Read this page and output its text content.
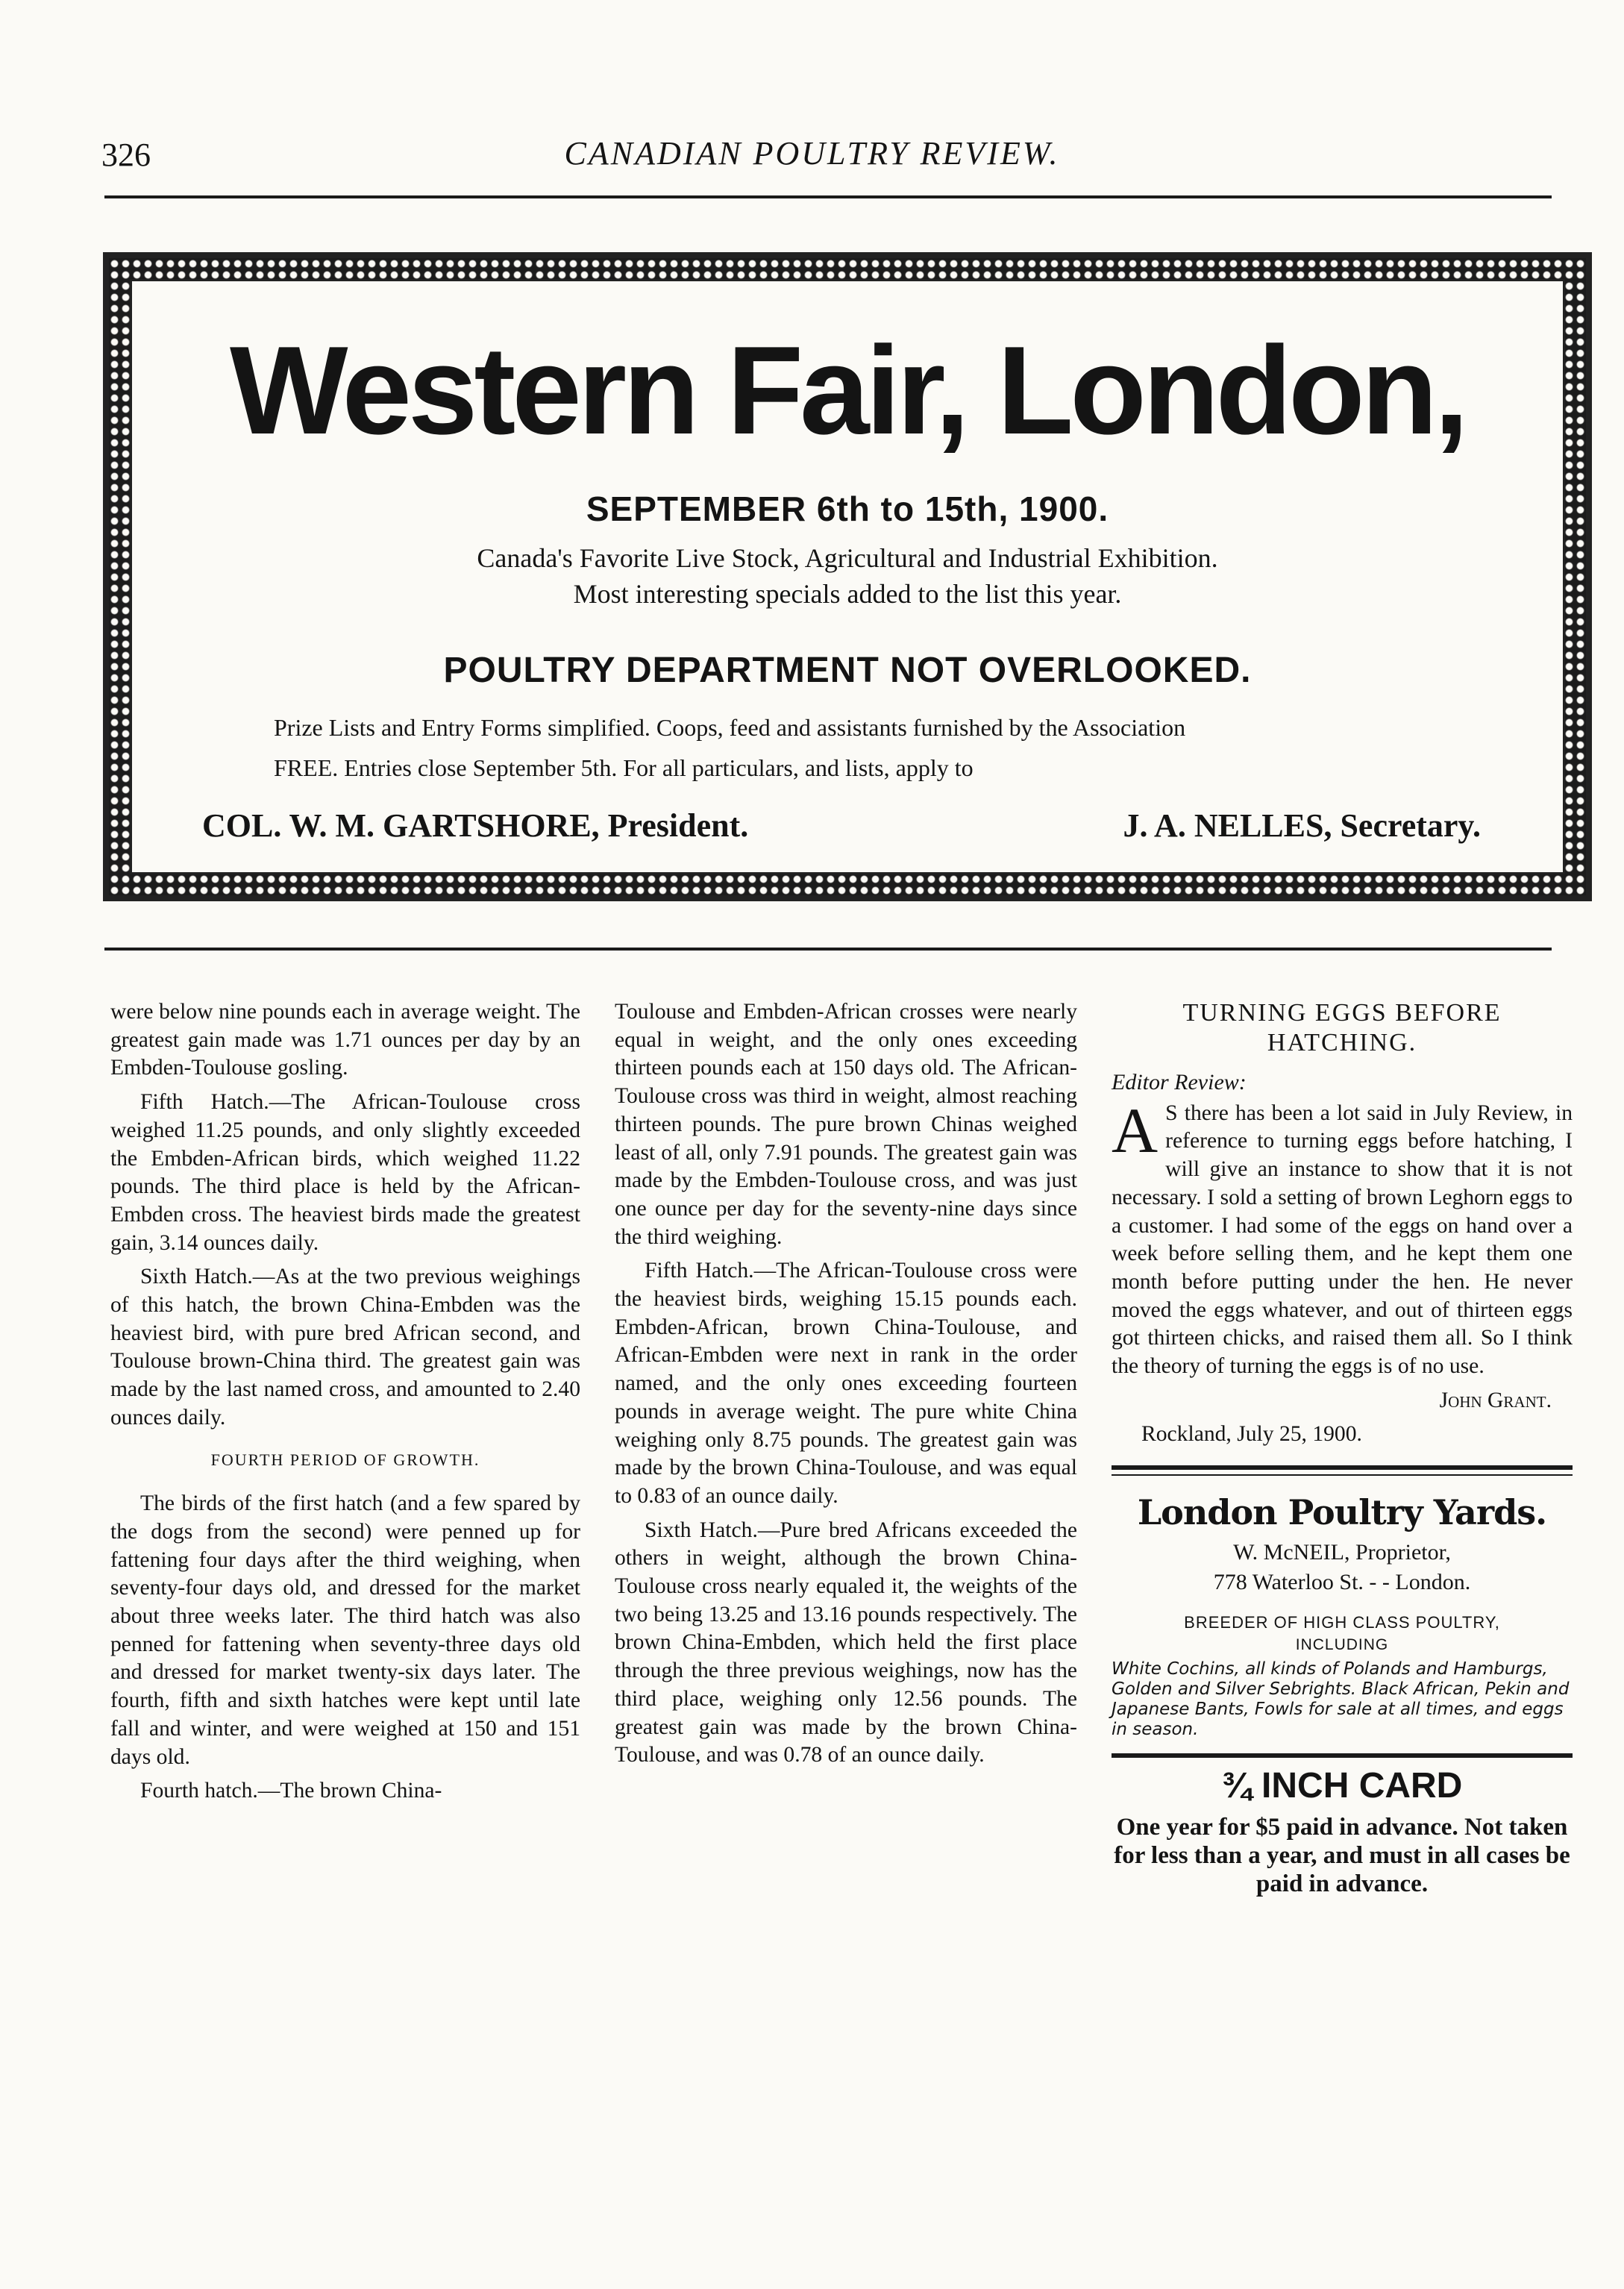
326	CANADIAN POULTRY REVIEW.
Western Fair, London,
SEPTEMBER 6th to 15th, 1900.
Canada's Favorite Live Stock, Agricultural and Industrial Exhibition.
Most interesting specials added to the list this year.
POULTRY DEPARTMENT NOT OVERLOOKED.
Prize Lists and Entry Forms simplified. Coops, feed and assistants furnished by the Association
FREE. Entries close September 5th. For all particulars, and lists, apply to
COL. W. M. GARTSHORE, President.	J. A. NELLES, Secretary.

were below nine pounds each in average weight. The greatest gain made was 1.71 ounces per day by an Embden-Toulouse gosling.

Fifth Hatch.—The African-Toulouse cross weighed 11.25 pounds, and only slightly exceeded the Embden-African birds, which weighed 11.22 pounds. The third place is held by the African-Embden cross. The heaviest birds made the greatest gain, 3.14 ounces daily.

Sixth Hatch.—As at the two previous weighings of this hatch, the brown China-Embden was the heaviest bird, with pure bred African second, and Toulouse brown-China third. The greatest gain was made by the last named cross, and amounted to 2.40 ounces daily.

FOURTH PERIOD OF GROWTH.

The birds of the first hatch (and a few spared by the dogs from the second) were penned up for fattening four days after the third weighing, when seventy-four days old, and dressed for the market about three weeks later. The third hatch was also penned for fattening when seventy-three days old and dressed for market twenty-six days later. The fourth, fifth and sixth hatches were kept until late fall and winter, and were weighed at 150 and 151 days old.

Fourth hatch.—The brown China-

Toulouse and Embden-African crosses were nearly equal in weight, and the only ones exceeding thirteen pounds each at 150 days old. The African-Toulouse cross was third in weight, almost reaching thirteen pounds. The pure brown Chinas weighed least of all, only 7.91 pounds. The greatest gain was made by the Embden-Toulouse cross, and was just one ounce per day for the seventy-nine days since the third weighing.

Fifth Hatch.—The African-Toulouse cross were the heaviest birds, weighing 15.15 pounds each. Embden-African, brown China-Toulouse, and African-Embden were next in rank in the order named, and the only ones exceeding fourteen pounds in average weight. The pure white China weighing only 8.75 pounds. The greatest gain was made by the brown China-Toulouse, and was equal to 0.83 of an ounce daily.

Sixth Hatch.—Pure bred Africans exceeded the others in weight, although the brown China-Toulouse cross nearly equaled it, the weights of the two being 13.25 and 13.16 pounds respectively. The brown China-Embden, which held the first place through the three previous weighings, now has the third place, weighing only 12.56 pounds. The greatest gain was made by the brown China-Toulouse, and was 0.78 of an ounce daily.

TURNING EGGS BEFORE HATCHING.

Editor Review:

A S there has been a lot said in July Review, in reference to turning eggs before hatching, I will give an instance to show that it is not necessary. I sold a setting of brown Leghorn eggs to a customer. I had some of the eggs on hand over a week before selling them, and he kept them one month before putting under the hen. He never moved the eggs whatever, and out of thirteen eggs got thirteen chicks, and raised them all. So I think the theory of turning the eggs is of no use.

John Grant.

Rockland, July 25, 1900.

London Poultry Yards.

W. McNEIL, Proprietor,

778 Waterloo St. - - London.

BREEDER OF HIGH CLASS POULTRY,

INCLUDING

White Cochins, all kinds of Polands and Hamburgs, Golden and Silver Sebrights. Black African, Pekin and Japanese Bants, Fowls for sale at all times, and eggs in season.

¾ INCH CARD

One year for $5 paid in advance. Not taken for less than a year, and must in all cases be paid in advance.
